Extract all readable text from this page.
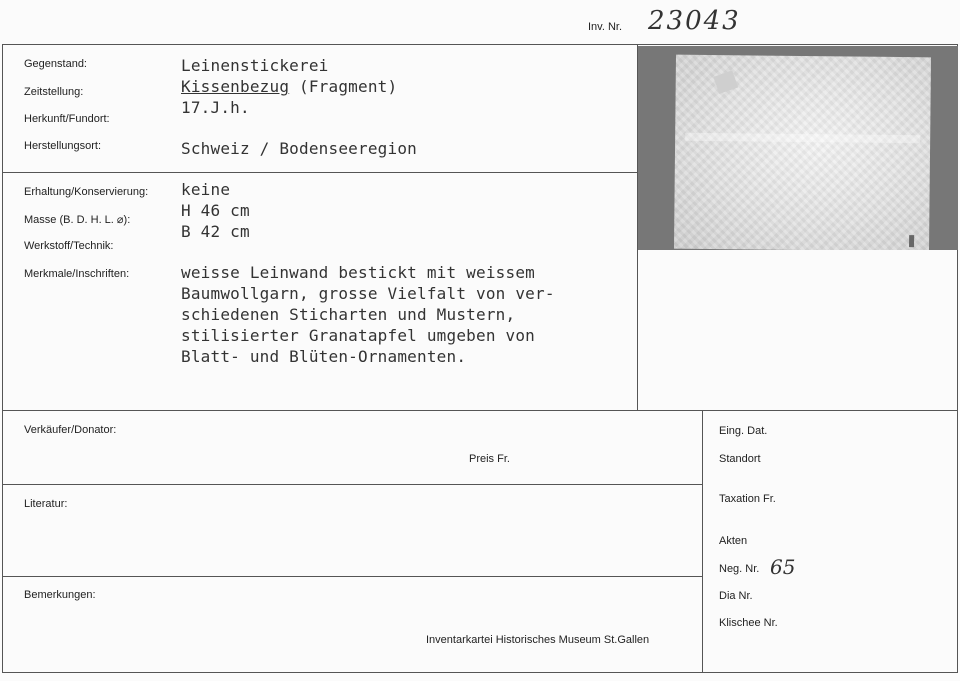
Inv. Nr. 23043
Gegenstand:
Zeitstellung:
Herkunft/Fundort:
Herstellungsort:
Leinenstickerei
Kissenbezug (Fragment)
17.J.h.
Schweiz / Bodenseeregion
Erhaltung/Konservierung:
Masse (B. D. H. L. ⌀):
Werkstoff/Technik:
Merkmale/Inschriften:
keine
H 46 cm
B 42 cm
weisse Leinwand bestickt mit weissem
Baumwollgarn, grosse Vielfalt von ver-
schiedenen Sticharten und Mustern,
stilisierter Granatapfel umgeben von
Blatt- und Blüten-Ornamenten.
Verkäufer/Donator:
Preis Fr.
Literatur:
Bemerkungen:
Inventarkartei Historisches Museum St.Gallen
Eing. Dat.
Standort
Taxation Fr.
Akten
Neg. Nr. 65
Dia Nr.
Klischee Nr.
